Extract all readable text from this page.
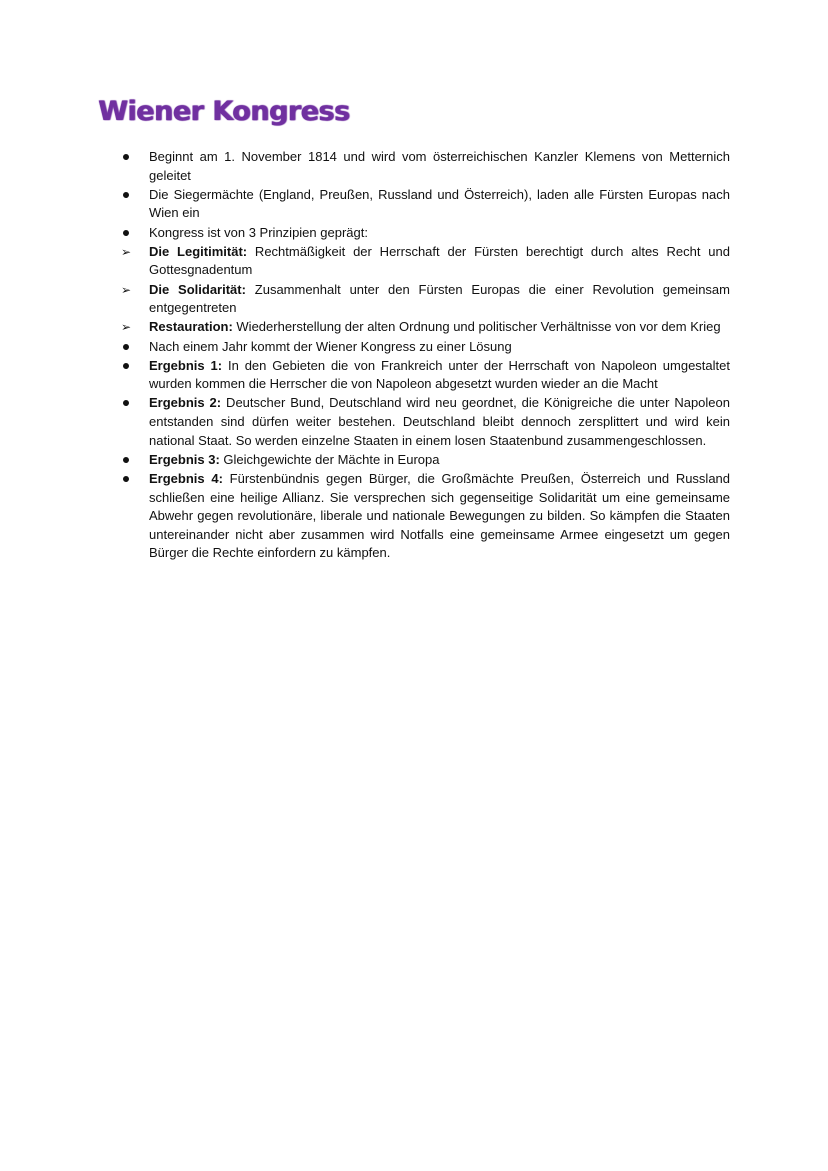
Wiener Kongress
Beginnt am 1. November 1814 und wird vom österreichischen Kanzler Klemens von Metternich geleitet
Die Siegermächte (England, Preußen, Russland und Österreich), laden alle Fürsten Europas nach Wien ein
Kongress ist von 3 Prinzipien geprägt:
Die Legitimität: Rechtmäßigkeit der Herrschaft der Fürsten berechtigt durch altes Recht und Gottesgnadentum
Die Solidarität: Zusammenhalt unter den Fürsten Europas die einer Revolution gemeinsam entgegentreten
Restauration: Wiederherstellung der alten Ordnung und politischer Verhältnisse von vor dem Krieg
Nach einem Jahr kommt der Wiener Kongress zu einer Lösung
Ergebnis 1: In den Gebieten die von Frankreich unter der Herrschaft von Napoleon umgestaltet wurden kommen die Herrscher die von Napoleon abgesetzt wurden wieder an die Macht
Ergebnis 2: Deutscher Bund, Deutschland wird neu geordnet, die Königreiche die unter Napoleon entstanden sind dürfen weiter bestehen. Deutschland bleibt dennoch zersplittert und wird kein national Staat. So werden einzelne Staaten in einem losen Staatenbund zusammengeschlossen.
Ergebnis 3: Gleichgewichte der Mächte in Europa
Ergebnis 4: Fürstenbündnis gegen Bürger, die Großmächte Preußen, Österreich und Russland schließen eine heilige Allianz. Sie versprechen sich gegenseitige Solidarität um eine gemeinsame Abwehr gegen revolutionäre, liberale und nationale Bewegungen zu bilden. So kämpfen die Staaten untereinander nicht aber zusammen wird Notfalls eine gemeinsame Armee eingesetzt um gegen Bürger die Rechte einfordern zu kämpfen.
